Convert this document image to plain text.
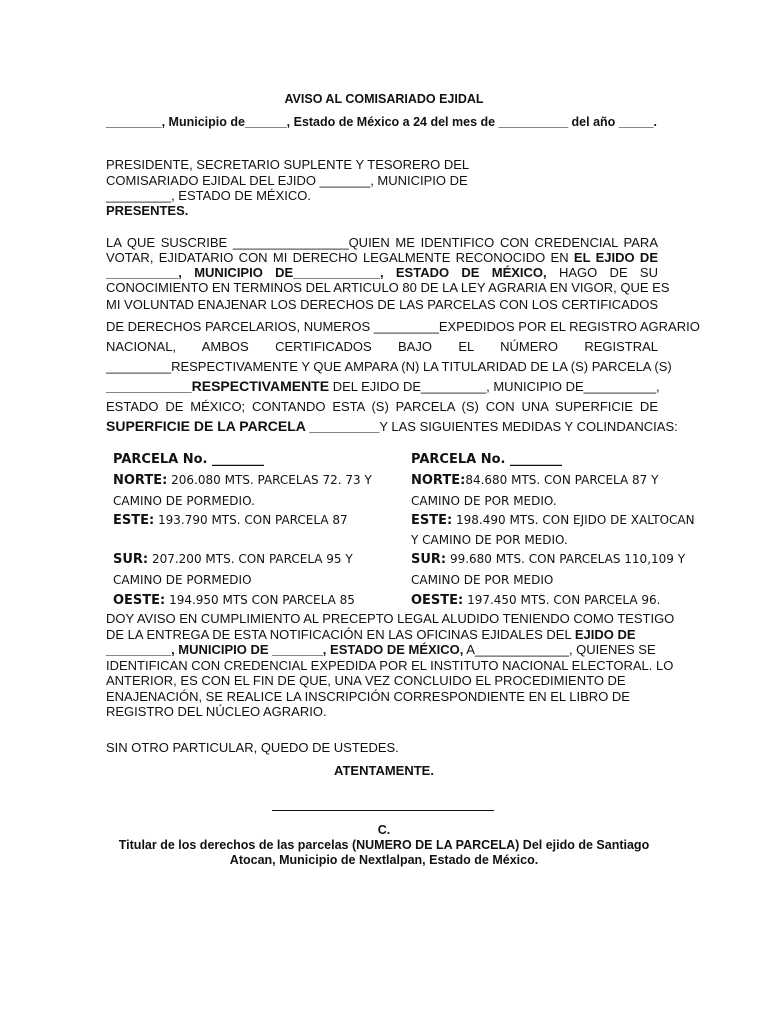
AVISO AL COMISARIADO EJIDAL
________, Municipio de______, Estado de México a 24 del mes de __________ del año _____.
PRESIDENTE, SECRETARIO SUPLENTE Y TESORERO DEL
COMISARIADO EJIDAL DEL EJIDO _______, MUNICIPIO DE
_________, ESTADO DE MÉXICO.
PRESENTES.
LA QUE SUSCRIBE ________________QUIEN ME IDENTIFICO CON CREDENCIAL PARA
VOTAR, EJIDATARIO CON MI DERECHO LEGALMENTE RECONOCIDO EN EL EJIDO DE
__________, MUNICIPIO DE____________, ESTADO DE MÉXICO, HAGO DE SU
CONOCIMIENTO EN TERMINOS DEL ARTICULO 80 DE LA LEY AGRARIA EN VIGOR, QUE ES
MI VOLUNTAD ENAJENAR LOS DERECHOS DE LAS PARCELAS CON LOS CERTIFICADOS
DE DERECHOS PARCELARIOS, NUMEROS _________EXPEDIDOS POR EL REGISTRO AGRARIO
NACIONAL, AMBOS CERTIFICADOS BAJO EL NÚMERO REGISTRAL
_________RESPECTIVAMENTE Y QUE AMPARA (N) LA TITULARIDAD DE LA (S) PARCELA (S)
___________RESPECTIVAMENTE DEL EJIDO DE_________, MUNICIPIO DE__________,
ESTADO DE MÉXICO; CONTANDO ESTA (S) PARCELA (S) CON UNA SUPERFICIE DE
SUPERFICIE DE LA PARCELA _________Y LAS SIGUIENTES MEDIDAS Y COLINDANCIAS:
PARCELA No. ________
NORTE: 206.080 MTS. PARCELAS 72. 73 Y
CAMINO DE PORMEDIO.
ESTE: 193.790 MTS. CON PARCELA 87
SUR: 207.200 MTS. CON PARCELA 95 Y
CAMINO DE PORMEDIO
OESTE: 194.950 MTS CON PARCELA 85
PARCELA No. ________
NORTE:84.680 MTS. CON PARCELA 87 Y
CAMINO DE POR MEDIO.
ESTE: 198.490 MTS. CON EJIDO DE XALTOCAN
Y CAMINO DE POR MEDIO.
SUR: 99.680 MTS. CON PARCELAS 110,109 Y
CAMINO DE POR MEDIO
OESTE: 197.450 MTS. CON PARCELA 96.
DOY AVISO EN CUMPLIMIENTO AL PRECEPTO LEGAL ALUDIDO TENIENDO COMO TESTIGO
DE LA ENTREGA DE ESTA NOTIFICACIÓN EN LAS OFICINAS EJIDALES DEL EJIDO DE
_________, MUNICIPIO DE _______, ESTADO DE MÉXICO, A_____________, QUIENES SE
IDENTIFICAN CON CREDENCIAL EXPEDIDA POR EL INSTITUTO NACIONAL ELECTORAL. LO
ANTERIOR, ES CON EL FIN DE QUE, UNA VEZ CONCLUIDO EL PROCEDIMIENTO DE
ENAJENACIÓN, SE REALICE LA INSCRIPCIÓN CORRESPONDIENTE EN EL LIBRO DE
REGISTRO DEL NÚCLEO AGRARIO.
SIN OTRO PARTICULAR, QUEDO DE USTEDES.
ATENTAMENTE.
C.
Titular de los derechos de las parcelas (NUMERO DE LA PARCELA) Del ejido de Santiago
Atocan, Municipio de Nextlalpan, Estado de México.
